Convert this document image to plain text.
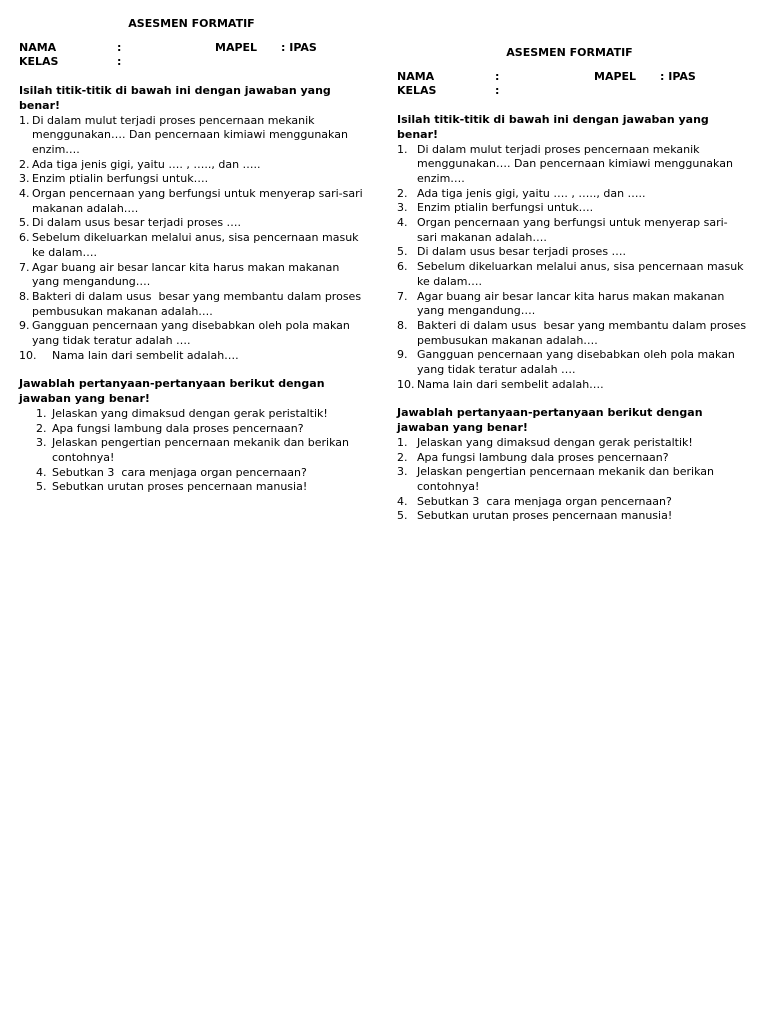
ASESMEN FORMATIF
NAMA	:	MAPEL	: IPAS
KELAS	:
Isilah titik-titik di bawah ini dengan jawaban yang benar!
1. Di dalam mulut terjadi proses pencernaan mekanik menggunakan…. Dan pencernaan kimiawi menggunakan enzim….
2. Ada tiga jenis gigi, yaitu …. , ….., dan …..
3. Enzim ptialin berfungsi untuk….
4. Organ pencernaan yang berfungsi untuk menyerap sari-sari makanan adalah….
5. Di dalam usus besar terjadi proses ….
6. Sebelum dikeluarkan melalui anus, sisa pencernaan masuk ke dalam….
7. Agar buang air besar lancar kita harus makan makanan yang mengandung….
8. Bakteri di dalam usus  besar yang membantu dalam proses pembusukan makanan adalah….
9. Gangguan pencernaan yang disebabkan oleh pola makan yang tidak teratur adalah ….
10.	Nama lain dari sembelit adalah….
Jawablah pertanyaan-pertanyaan berikut dengan jawaban yang benar!
1. Jelaskan yang dimaksud dengan gerak peristaltik!
2. Apa fungsi lambung dala proses pencernaan?
3. Jelaskan pengertian pencernaan mekanik dan berikan contohnya!
4. Sebutkan 3  cara menjaga organ pencernaan?
5. Sebutkan urutan proses pencernaan manusia!
ASESMEN FORMATIF
NAMA	:	MAPEL	: IPAS
KELAS	:
Isilah titik-titik di bawah ini dengan jawaban yang benar!
1. Di dalam mulut terjadi proses pencernaan mekanik menggunakan…. Dan pencernaan kimiawi menggunakan enzim….
2. Ada tiga jenis gigi, yaitu …. , ….., dan …..
3. Enzim ptialin berfungsi untuk….
4. Organ pencernaan yang berfungsi untuk menyerap sari-sari makanan adalah….
5. Di dalam usus besar terjadi proses ….
6. Sebelum dikeluarkan melalui anus, sisa pencernaan masuk ke dalam….
7. Agar buang air besar lancar kita harus makan makanan yang mengandung….
8. Bakteri di dalam usus  besar yang membantu dalam proses pembusukan makanan adalah….
9. Gangguan pencernaan yang disebabkan oleh pola makan yang tidak teratur adalah ….
10. Nama lain dari sembelit adalah….
Jawablah pertanyaan-pertanyaan berikut dengan jawaban yang benar!
1. Jelaskan yang dimaksud dengan gerak peristaltik!
2. Apa fungsi lambung dala proses pencernaan?
3. Jelaskan pengertian pencernaan mekanik dan berikan contohnya!
4. Sebutkan 3  cara menjaga organ pencernaan?
5. Sebutkan urutan proses pencernaan manusia!
